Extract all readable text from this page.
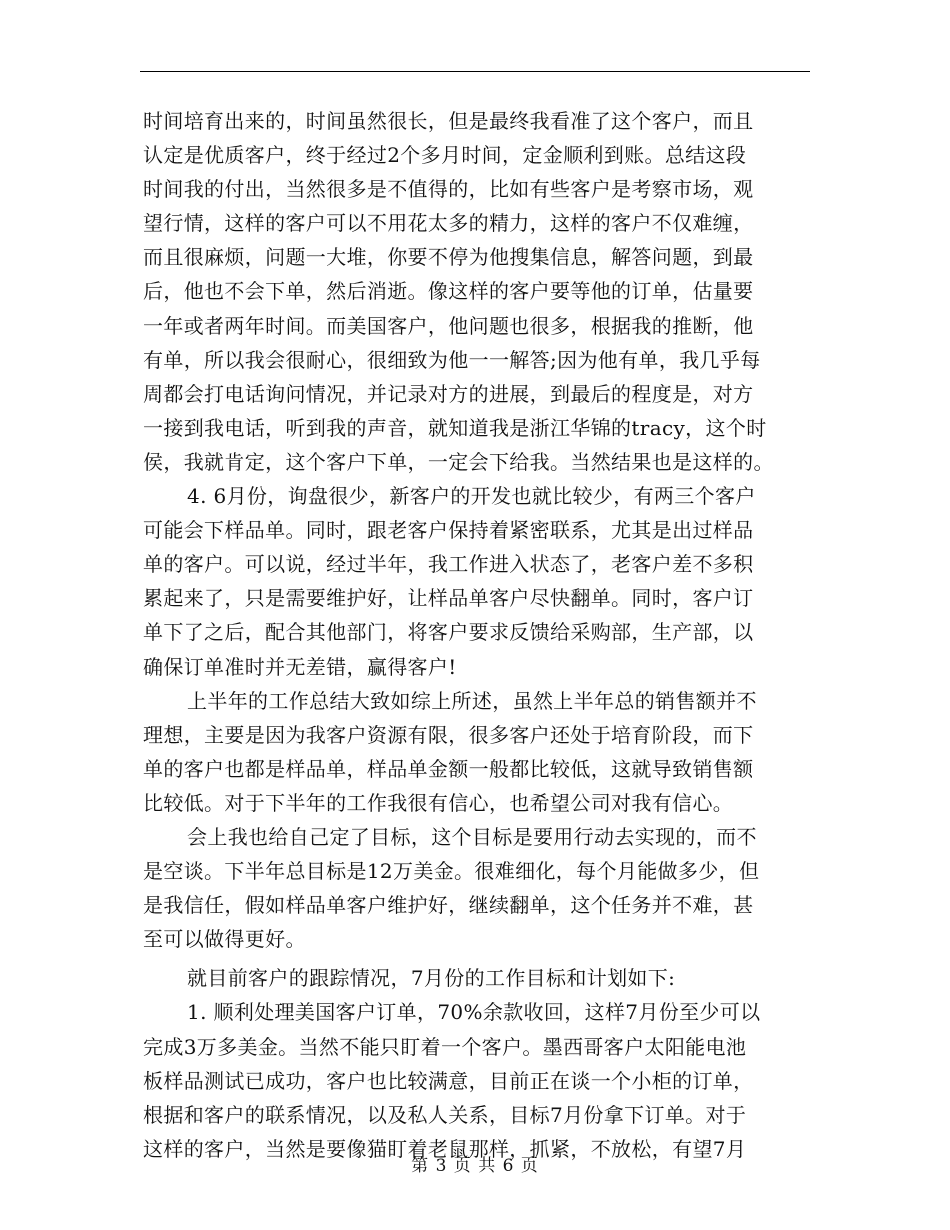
时间培育出来的，时间虽然很长，但是最终我看准了这个客户，而且
认定是优质客户，终于经过2个多月时间，定金顺利到账。总结这段
时间我的付出，当然很多是不值得的，比如有些客户是考察市场，观
望行情，这样的客户可以不用花太多的精力，这样的客户不仅难缠，
而且很麻烦，问题一大堆，你要不停为他搜集信息，解答问题，到最
后，他也不会下单，然后消逝。像这样的客户要等他的订单，估量要
一年或者两年时间。而美国客户，他问题也很多，根据我的推断，他
有单，所以我会很耐心，很细致为他一一解答;因为他有单，我几乎每
周都会打电话询问情况，并记录对方的进展，到最后的程度是，对方
一接到我电话，听到我的声音，就知道我是浙江华锦的tracy，这个时
侯，我就肯定，这个客户下单，一定会下给我。当然结果也是这样的。
4. 6月份，询盘很少，新客户的开发也就比较少，有两三个客户
可能会下样品单。同时，跟老客户保持着紧密联系，尤其是出过样品
单的客户。可以说，经过半年，我工作进入状态了，老客户差不多积
累起来了，只是需要维护好，让样品单客户尽快翻单。同时，客户订
单下了之后，配合其他部门，将客户要求反馈给采购部，生产部，以
确保订单准时并无差错，赢得客户!
上半年的工作总结大致如综上所述，虽然上半年总的销售额并不
理想，主要是因为我客户资源有限，很多客户还处于培育阶段，而下
单的客户也都是样品单，样品单金额一般都比较低，这就导致销售额
比较低。对于下半年的工作我很有信心，也希望公司对我有信心。
会上我也给自己定了目标，这个目标是要用行动去实现的，而不
是空谈。下半年总目标是12万美金。很难细化，每个月能做多少，但
是我信任，假如样品单客户维护好，继续翻单，这个任务并不难，甚
至可以做得更好。
就目前客户的跟踪情况，7月份的工作目标和计划如下:
1. 顺利处理美国客户订单，70%余款收回，这样7月份至少可以
完成3万多美金。当然不能只盯着一个客户。墨西哥客户太阳能电池
板样品测试已成功，客户也比较满意，目前正在谈一个小柜的订单，
根据和客户的联系情况，以及私人关系，目标7月份拿下订单。对于
这样的客户，当然是要像猫盯着老鼠那样，抓紧，不放松，有望7月
第 3 页 共 6 页
